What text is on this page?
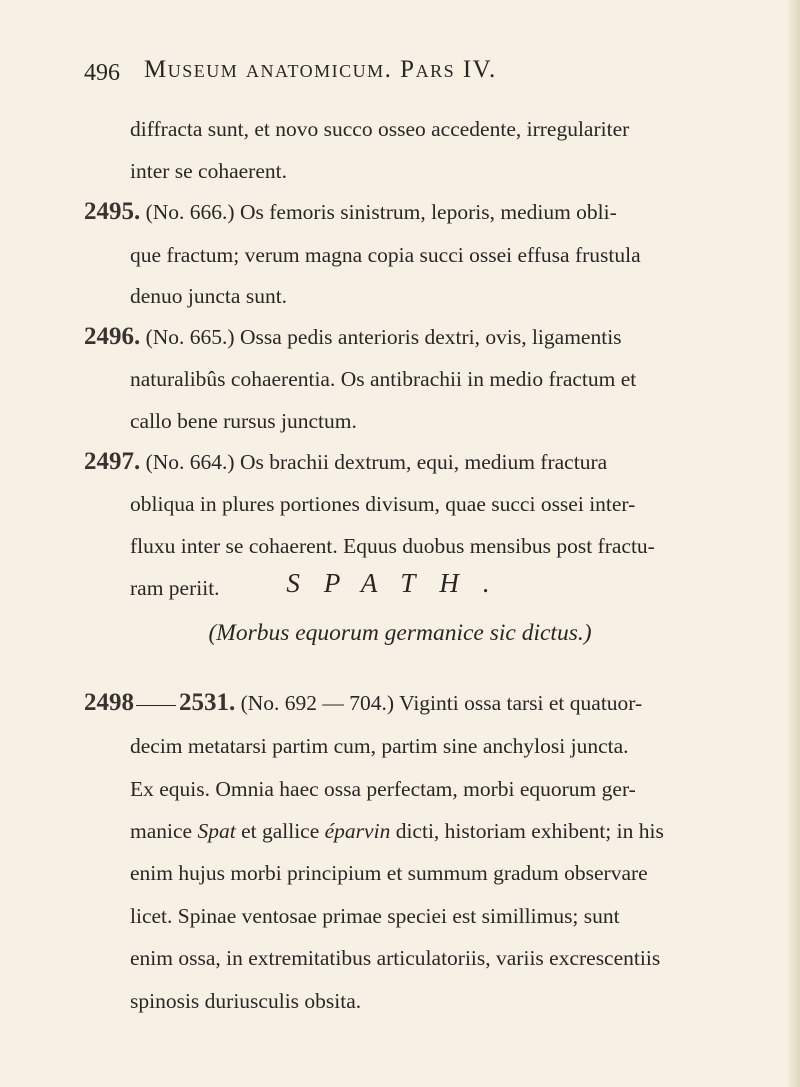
496 Museum anatomicum. Pars IV.
diffracta sunt, et novo succo osseo accedente, irregulariter
inter se cohaerent.
2495. (No. 666.) Os femoris sinistrum, leporis, medium obli-
que fractum; verum magna copia succi ossei effusa frustula
denuo juncta sunt.
2496. (No. 665.) Ossa pedis anterioris dextri, ovis, ligamentis
naturalibûs cohaerentia. Os antibrachii in medio fractum et
callo bene rursus junctum.
2497. (No. 664.) Os brachii dextrum, equi, medium fractura
obliqua in plures portiones divisum, quae succi ossei inter-
fluxu inter se cohaerent. Equus duobus mensibus post fractu-
ram periit.	SPATH.
(Morbus equorum germanice sic dictus.)
2498 2531. (No. 692 — 704.) Viginti ossa tarsi et quatuor-
decim metatarsi partim cum, partim sine anchylosi juncta.
Ex equis. Omnia haec ossa perfectam, morbi equorum ger-
manice Spat et gallice éparvin dicti, historiam exhibent; in his
enim hujus morbi principium et summum gradum observare
licet. Spinae ventosae primae speciei est simillimus; sunt
enim ossa, in extremitatibus articulatoriis, variis excrescentiis
spinosis duriusculis obsita.
